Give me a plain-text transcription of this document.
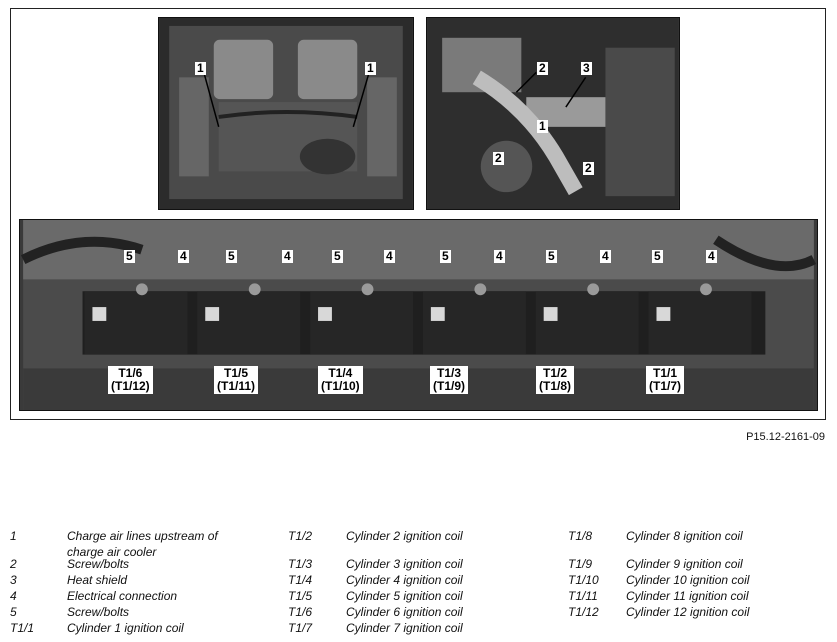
1	1	2	3
1
2
2
5	4	5	4	5	4	5	4	5	4	5	4
T1/6
(T1/12)
T1/5
(T1/11)
T1/4
(T1/10)
T1/3
(T1/9)
T1/2
(T1/8)
T1/1
(T1/7)
P15.12-2161-09
1	Charge air lines upstream of charge air cooler
2	Screw/bolts
3	Heat shield
4	Electrical connection
5	Screw/bolts
T1/1	Cylinder 1 ignition coil
T1/2	Cylinder 2 ignition coil
T1/3	Cylinder 3 ignition coil
T1/4	Cylinder 4 ignition coil
T1/5	Cylinder 5 ignition coil
T1/6	Cylinder 6 ignition coil
T1/7	Cylinder 7 ignition coil
T1/8	Cylinder 8 ignition coil
T1/9	Cylinder 9 ignition coil
T1/10 Cylinder 10 ignition coil
T1/11 Cylinder 11 ignition coil
T1/12 Cylinder 12 ignition coil
